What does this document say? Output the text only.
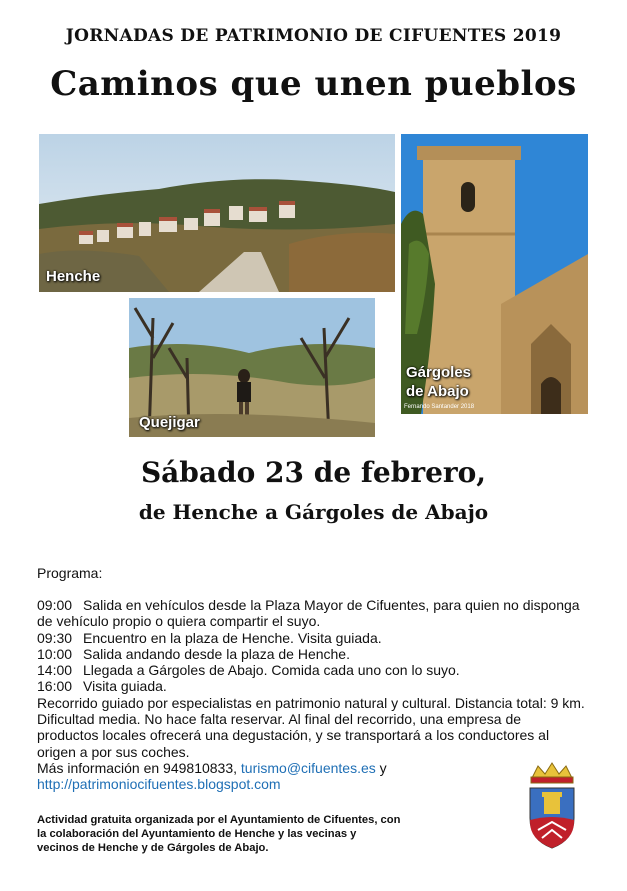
JORNADAS DE PATRIMONIO DE CIFUENTES 2019
Caminos que unen pueblos
Henche
Gárgoles
de Abajo
Fernando Santander 2018
Quejigar
Sábado 23 de febrero,
de Henche a Gárgoles de Abajo
Programa:

09:00 Salida en vehículos desde la Plaza Mayor de Cifuentes, para quien no disponga de vehículo propio o quiera compartir el suyo.

09:30 Encuentro en la plaza de Henche. Visita guiada.

10:00 Salida andando desde la plaza de Henche.

14:00 Llegada a Gárgoles de Abajo. Comida cada uno con lo suyo.

16:00 Visita guiada.

Recorrido guiado por especialistas en patrimonio natural y cultural. Distancia total: 9 km. Dificultad media. No hace falta reservar. Al final del recorrido, una empresa de productos locales ofrecerá una degustación, y se transportará a los conductores al origen a por sus coches.

Más información en 949810833, turismo@cifuentes.es y

http://patrimoniocifuentes.blogspot.com

Actividad gratuita organizada por el Ayuntamiento de Cifuentes, con
la colaboración del Ayuntamiento de Henche y las vecinas y
vecinos de Henche y de Gárgoles de Abajo.
